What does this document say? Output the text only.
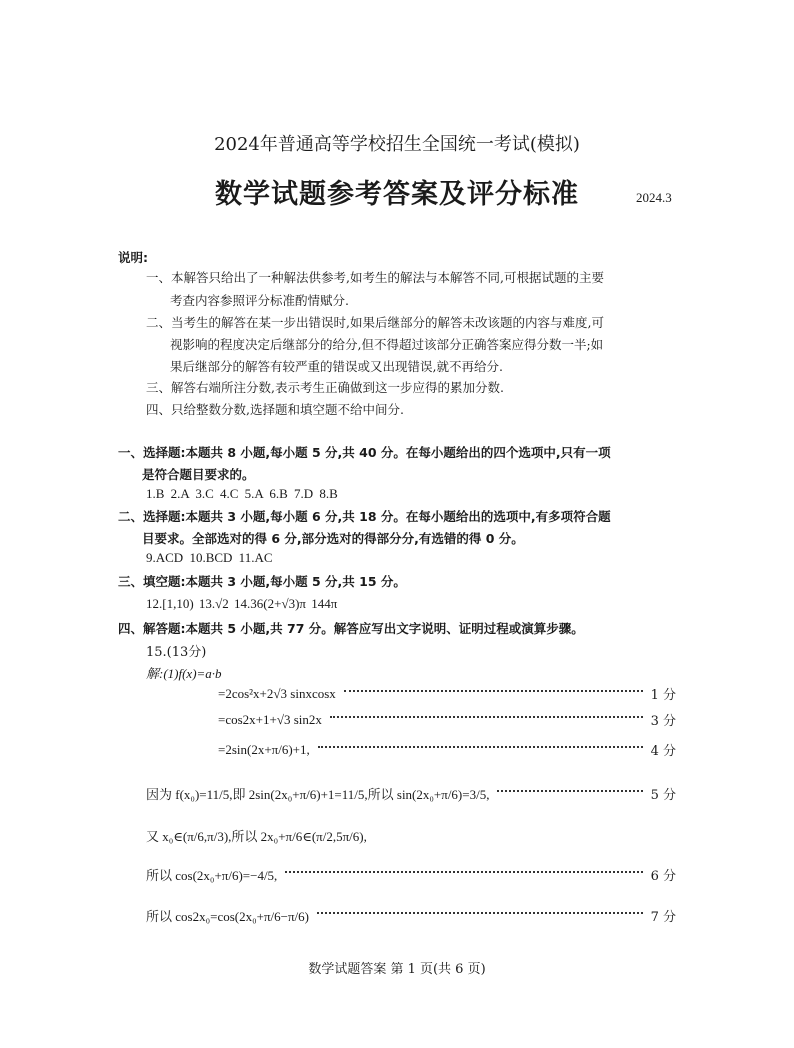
2024年普通高等学校招生全国统一考试(模拟)
数学试题参考答案及评分标准	2024.3
说明:
一、本解答只给出了一种解法供参考,如考生的解法与本解答不同,可根据试题的主要
考查内容参照评分标准酌情赋分.
二、当考生的解答在某一步出错误时,如果后继部分的解答未改该题的内容与难度,可
视影响的程度决定后继部分的给分,但不得超过该部分正确答案应得分数一半;如
果后继部分的解答有较严重的错误或又出现错误,就不再给分.
三、解答右端所注分数,表示考生正确做到这一步应得的累加分数.
四、只给整数分数,选择题和填空题不给中间分.
一、选择题:本题共 8 小题,每小题 5 分,共 40 分。在每小题给出的四个选项中,只有一项
是符合题目要求的。
1.B 2.A 3.C 4.C 5.A 6.B 7.D 8.B
二、选择题:本题共 3 小题,每小题 6 分,共 18 分。在每小题给出的选项中,有多项符合题
目要求。全部选对的得 6 分,部分选对的得部分分,有选错的得 0 分。
9.ACD 10.BCD 11.AC
三、填空题:本题共 3 小题,每小题 5 分,共 15 分。
12.[1,10) 13.√2 14.36(2+√3)π 144π
四、解答题:本题共 5 小题,共 77 分。解答应写出文字说明、证明过程或演算步骤。
15.(13分)
解:(1)f(x)=a·b
=2cos²x+2√3 sinxcosx	1 分
=cos2x+1+√3 sin2x	3 分
=2sin(2x+π/6)+1,	4 分
因为 f(x₀)=11/5,即 2sin(2x₀+π/6)+1=11/5,所以 sin(2x₀+π/6)=3/5,	5 分
又 x₀∈(π/6,π/3),所以 2x₀+π/6∈(π/2,5π/6),
所以 cos(2x₀+π/6)=−4/5,	6 分
所以 cos2x₀=cos(2x₀+π/6−π/6)	7 分
数学试题答案 第 1 页(共 6 页)
